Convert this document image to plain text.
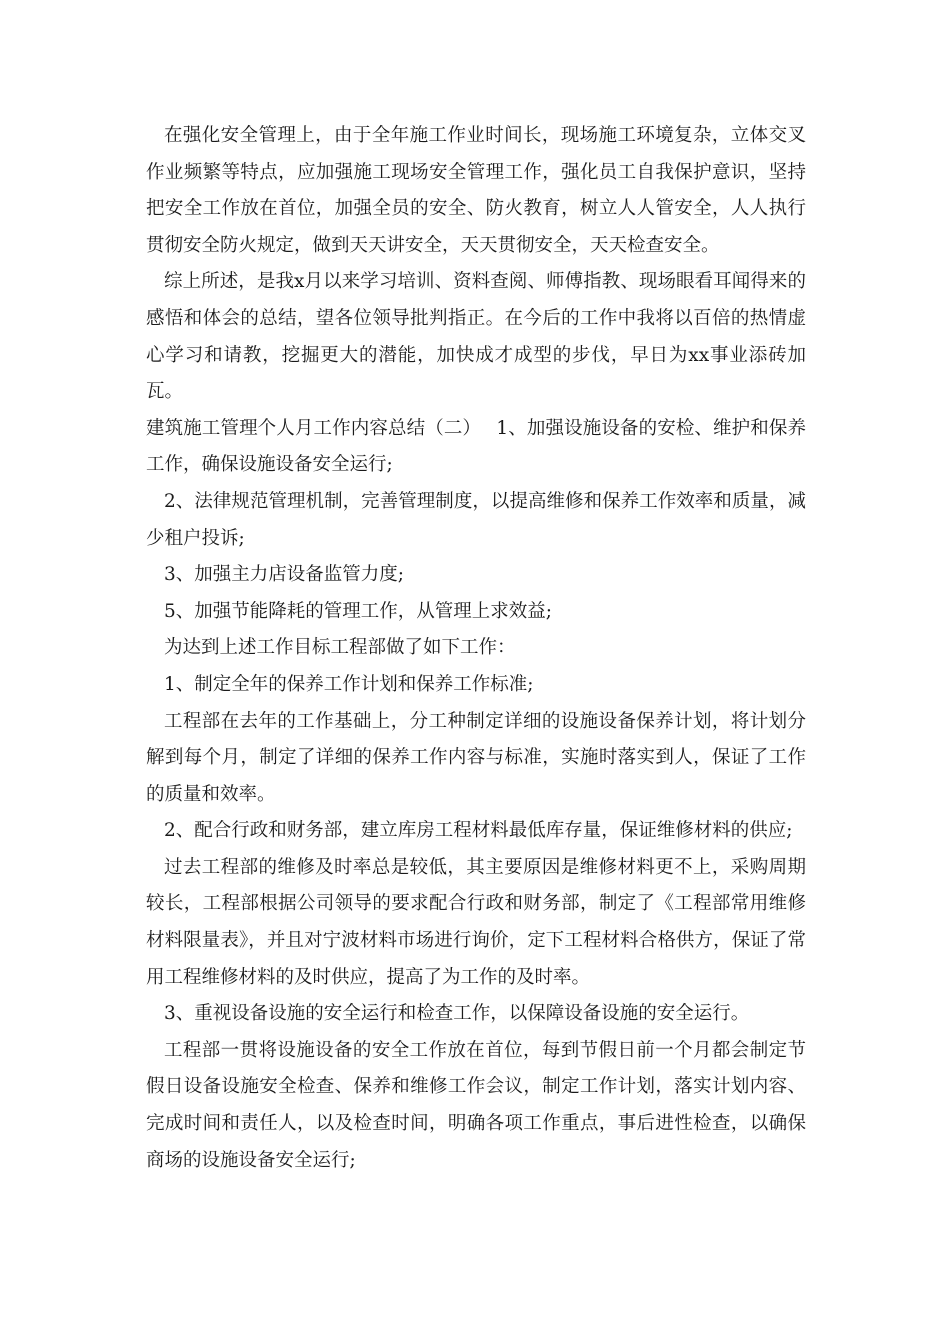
在强化安全管理上，由于全年施工作业时间长，现场施工环境复杂，立体交叉作业频繁等特点，应加强施工现场安全管理工作，强化员工自我保护意识，坚持把安全工作放在首位，加强全员的安全、防火教育，树立人人管安全，人人执行贯彻安全防火规定，做到天天讲安全，天天贯彻安全，天天检查安全。

综上所述，是我x月以来学习培训、资料查阅、师傅指教、现场眼看耳闻得来的感悟和体会的总结，望各位领导批判指正。在今后的工作中我将以百倍的热情虚心学习和请教，挖掘更大的潜能，加快成才成型的步伐，早日为xx事业添砖加瓦。

建筑施工管理个人月工作内容总结（二）　 1、加强设施设备的安检、维护和保养工作，确保设施设备安全运行;

2、法律规范管理机制，完善管理制度，以提高维修和保养工作效率和质量，减少租户投诉;

3、加强主力店设备监管力度;

5、加强节能降耗的管理工作，从管理上求效益;

为达到上述工作目标工程部做了如下工作：

1、制定全年的保养工作计划和保养工作标准;

工程部在去年的工作基础上，分工种制定详细的设施设备保养计划，将计划分解到每个月，制定了详细的保养工作内容与标准，实施时落实到人，保证了工作的质量和效率。

2、配合行政和财务部，建立库房工程材料最低库存量，保证维修材料的供应;

过去工程部的维修及时率总是较低，其主要原因是维修材料更不上，采购周期较长，工程部根据公司领导的要求配合行政和财务部，制定了《工程部常用维修材料限量表》，并且对宁波材料市场进行询价，定下工程材料合格供方，保证了常用工程维修材料的及时供应，提高了为工作的及时率。

3、重视设备设施的安全运行和检查工作，以保障设备设施的安全运行。

工程部一贯将设施设备的安全工作放在首位，每到节假日前一个月都会制定节假日设备设施安全检查、保养和维修工作会议，制定工作计划，落实计划内容、完成时间和责任人，以及检查时间，明确各项工作重点，事后进性检查，以确保商场的设施设备安全运行;
